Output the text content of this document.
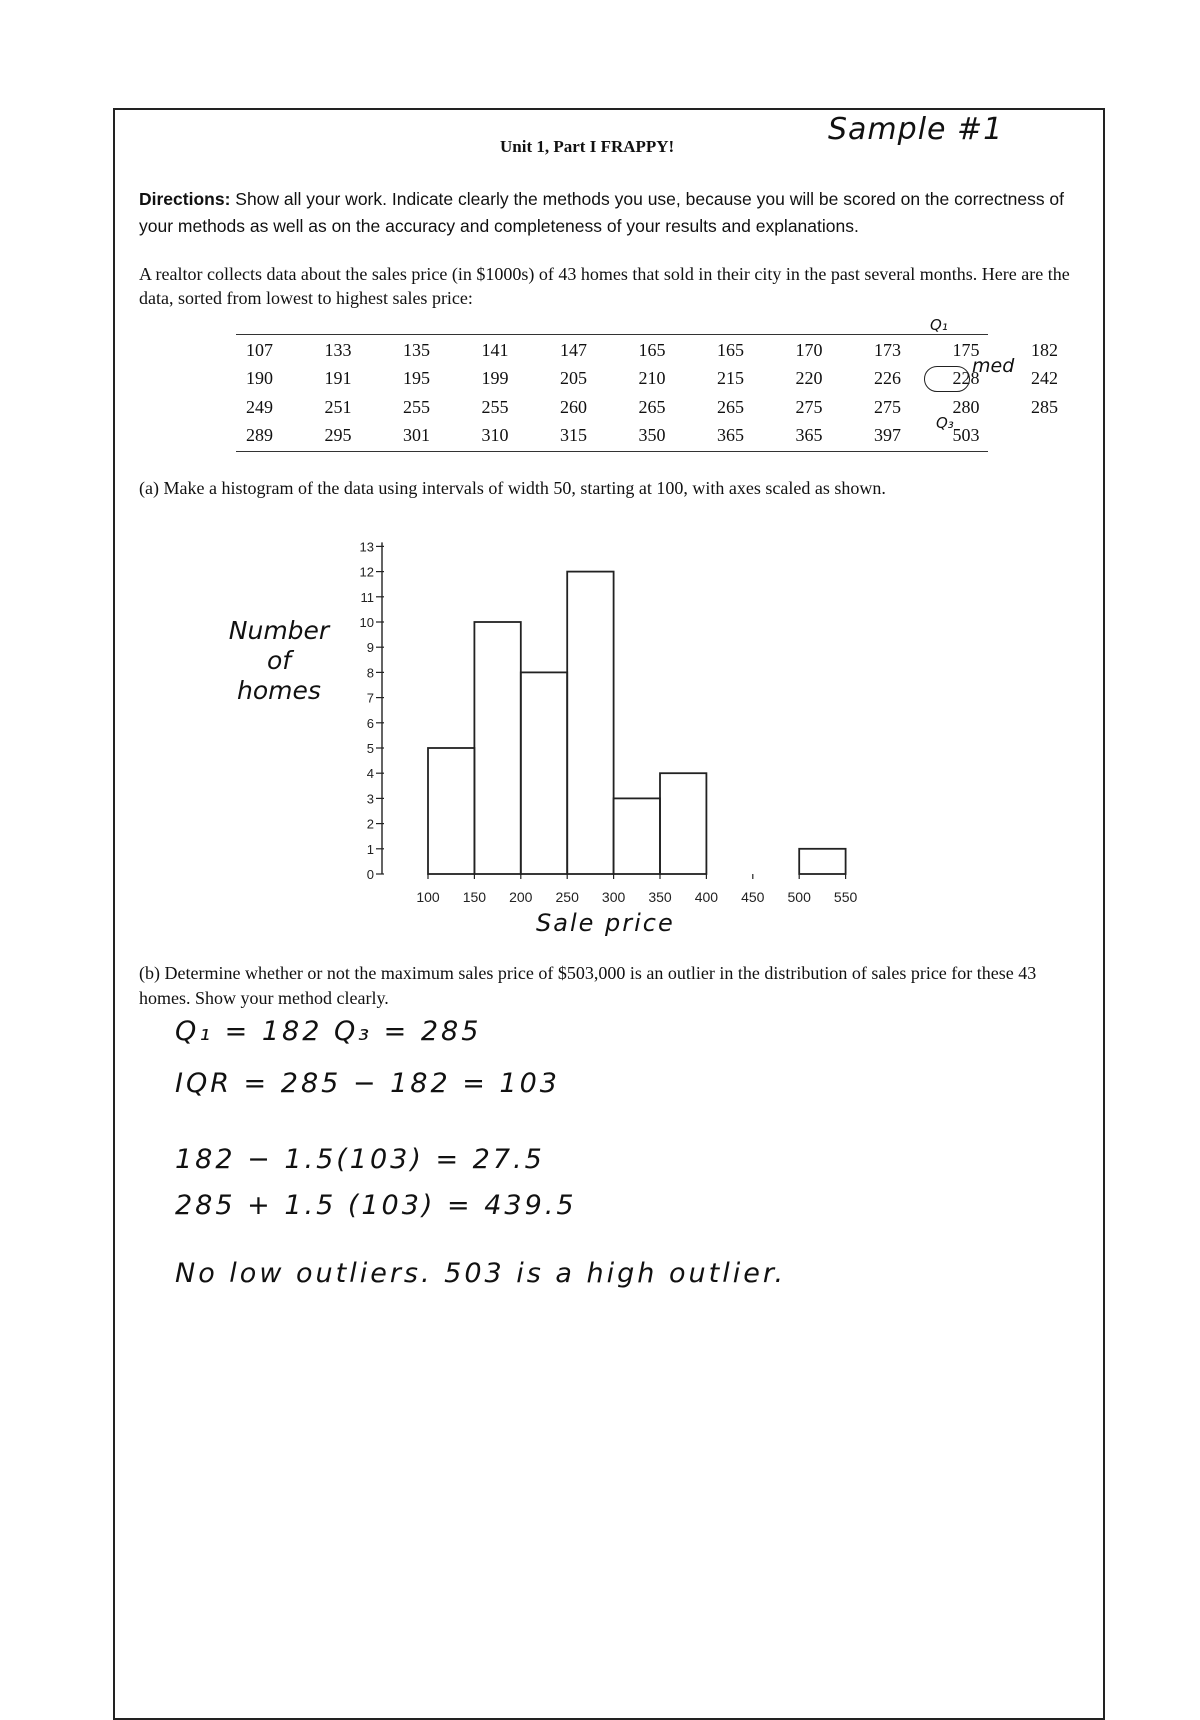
Unit 1, Part I FRAPPY!	Sample #1
Directions: Show all your work. Indicate clearly the methods you use, because you will be scored on the correctness of your methods as well as on the accuracy and completeness of your results and explanations.
A realtor collects data about the sales price (in $1000s) of 43 homes that sold in their city in the past several months. Here are the data, sorted from lowest to highest sales price:
107	133	135	141	147	165	165	170	173	175	182
190	191	195	199	205	210	215	220	226	228	242
249	251	255	255	260	265	265	275	275	280	285
289	295	301	310	315	350	365	365	397	503	
Q₁
med
Q₃
(a) Make a histogram of the data using intervals of width 50, starting at 100, with axes scaled as shown.
Number
of
homes
0
1
2
3
4
5
6
7
8
9
10
11
12
13
100 150 200 250 300 350 400 450 500 550
Sale price
(b) Determine whether or not the maximum sales price of $503,000 is an outlier in the distribution of sales price for these 43 homes. Show your method clearly.
Q₁ = 182 Q₃ = 285
IQR = 285 − 182 = 103
182 − 1.5(103) = 27.5
285 + 1.5 (103) = 439.5
No low outliers. 503 is a high outlier.
